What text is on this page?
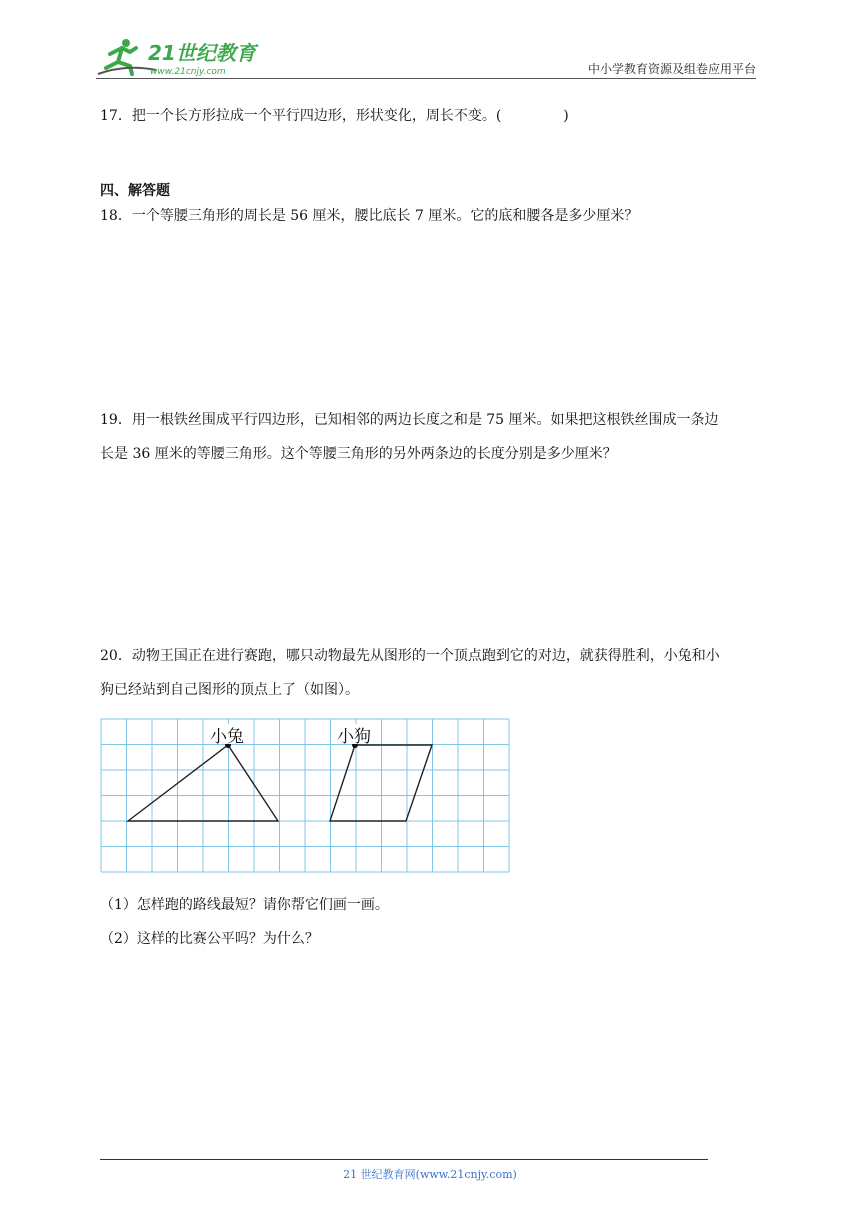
21世纪教育
www.21cnjy.com	中小学教育资源及组卷应用平台
17．把一个长方形拉成一个平行四边形，形状变化，周长不变。(	)
四、解答题
18．一个等腰三角形的周长是 56 厘米，腰比底长 7 厘米。它的底和腰各是多少厘米？
19．用一根铁丝围成平行四边形，已知相邻的两边长度之和是 75 厘米。如果把这根铁丝围成一条边
长是 36 厘米的等腰三角形。这个等腰三角形的另外两条边的长度分别是多少厘米？
20．动物王国正在进行赛跑，哪只动物最先从图形的一个顶点跑到它的对边，就获得胜利，小兔和小
狗已经站到自己图形的顶点上了（如图）。
小兔	小狗
（1）怎样跑的路线最短？请你帮它们画一画。
（2）这样的比赛公平吗？为什么？
21 世纪教育网(www.21cnjy.com)
